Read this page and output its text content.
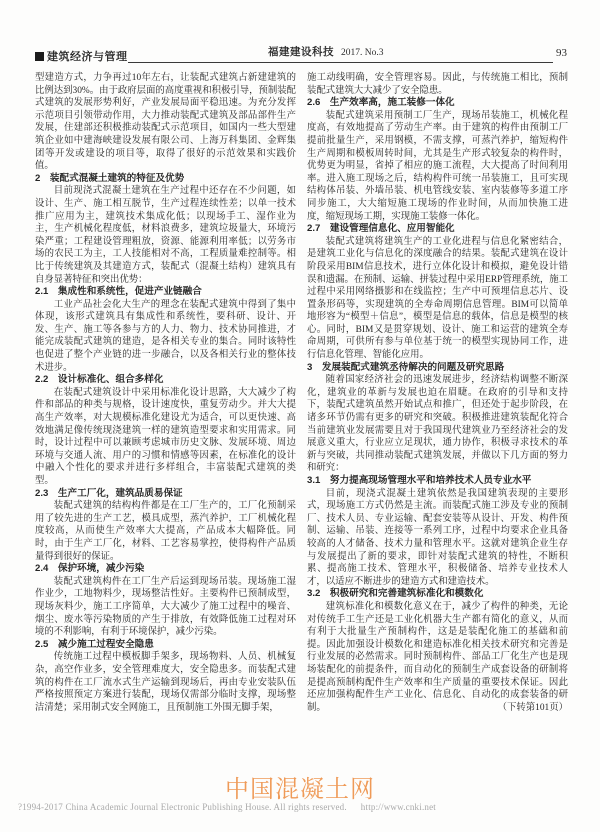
建筑经济与管理	福建建设科技 2017. No.3	93
型建造方式，力争再过10年左右，让装配式建筑占新建建筑的比例达到30%。由于政府层面的高度重视和积极引导，预制装配式建筑的发展形势利好，产业发展局面平稳迅速。为充分发挥示范项目引领带动作用，大力推动装配式建筑及部品部件生产发展，住建部还积极推动装配式示范项目，如国内一些大型建筑企业如中建海峡建设发展有限公司、上海万科集团、金辉集团等开发或建设的项目等，取得了很好的示范效果和实践价值。
2　装配式混凝土建筑的特征及优势
目前现浇式混凝土建筑在生产过程中还存在不少问题，如设计、生产、施工相互脱节，生产过程连续性差；以单一技术推广应用为主，建筑技术集成化低；以现场手工、湿作业为主，生产机械化程度低，材料浪费多，建筑垃圾量大，环境污染严重；工程建设管理粗放，资源、能源利用率低；以劳务市场的农民工为主，工人技能相对不高，工程质量难控制等。相比于传统建筑及其建造方式，装配式（混凝土结构）建筑具有自身显著特征和突出优势：
2.1　集成性和系统性，促进产业链融合
工业产品社会化大生产的理念在装配式建筑中得到了集中体现，该形式建筑具有集成性和系统性，要科研、设计、开发、生产、施工等各参与方的人力、物力、技术协同推进，才能完成装配式建筑的建造，是各相关专业的集合。同时该特性也促进了整个产业链的进一步融合，以及各相关行业的整体技术进步。
2.2　设计标准化、组合多样化
在装配式建筑设计中采用标准化设计思路，大大减少了构件和部品的种类与规格，设计速度快，重复劳动少。并大大提高生产效率，对大规模标准化建设尤为适合，可以更快速、高效地满足像传统现浇建筑一样的建筑造型要求和实用需求。同时，设计过程中可以兼顾考虑城市历史文脉、发展环境、周边环境与交通人流、用户的习惯和情感等因素，在标准化的设计中融入个性化的要求并进行多样组合，丰富装配式建筑的类型。
2.3　生产工厂化，建筑品质易保证
装配式建筑的结构构件都是在工厂生产的，工厂化预制采用了较先进的生产工艺，模具成型，蒸汽养护，工厂机械化程度较高，从而使生产效率大大提高，产品成本大幅降低。同时，由于生产工厂化，材料、工艺容易掌控，使得构件产品质量得到很好的保证。
2.4　保护环境，减少污染
装配式建筑构件在工厂生产后运到现场吊装。现场施工湿作业少，工地物料少，现场整洁性好。主要构件已预制成型，现场灰料少，施工工序简单，大大减少了施工过程中的噪音、烟尘、废水等污染物质的产生于排放，有效降低施工过程对环境的不利影响，有利于环境保护，减少污染。
2.5　减少施工过程安全隐患
传统施工过程中模板脚手架多，现场物料、人员、机械复杂，高空作业多，安全管理难度大，安全隐患多。而装配式建筑的构件在工厂流水式生产运输到现场后，再由专业安装队伍严格按照预定方案进行装配，现场仅需部分临时支撑，现场整洁清楚；采用制式安全网施工，且预制施工外围无脚手架，
施工动线明确，安全管理容易。因此，与传统施工相比，预制装配式建筑大大减少了安全隐患。
2.6　生产效率高，施工装修一体化
装配式建筑采用预制工厂生产，现场吊装施工，机械化程度高，有效地提高了劳动生产率。由于建筑的构件由预制工厂提前批量生产，采用钢模，不需支撑，可蒸汽养护，缩短构件生产周期和模板周转时间，尤其是生产形式较复杂的构件时，优势更为明显，省掉了相应的施工流程，大大提高了时间利用率。进入施工现场之后，结构构件可统一吊装施工，且可实现结构体吊装、外墙吊装、机电管线安装、室内装修等多道工序同步施工，大大缩短施工现场的作业时间，从而加快施工进度，缩短现场工期，实现施工装修一体化。
2.7　建设管理信息化、应用智能化
装配式建筑将建筑生产的工业化进程与信息化紧密结合，是建筑工业化与信息化的深度融合的结果。装配式建筑在设计阶段采用BIM信息技术，进行立体化设计和模拟，避免设计错误和遗漏。在预制、运输、拼装过程中采用ERP管理系统，施工过程中采用网络摄影和在线监控；生产中可预埋信息芯片、设置条形码等，实现建筑的全寿命周期信息管理。BIM可以简单地形容为“模型＋信息”，模型是信息的载体，信息是模型的核心。同时，BIM又是贯穿规划、设计、施工和运营的建筑全寿命周期，可供所有参与单位基于统一的模型实现协同工作，进行信息化管理、智能化应用。
3　发展装配式建筑丞待解决的问题及研究思路
随着国家经济社会的迅速发展进步，经济结构调整不断深化，建筑业的革新与发展也迫在眉睫。在政府的引导和支持下，装配式建筑虽然开始试点和推广，但还处于起步阶段，在诸多环节仍需有更多的研究和突破。积极推进建筑装配化符合当前建筑业发展需要且对于我国现代建筑业乃至经济社会的发展意义重大，行业应立足现状，通力协作，积极寻求技术的革新与突破，共同推动装配式建筑发展，并做以下几方面的努力和研究：
3.1　努力提高现场管理水平和培养技术人员专业水平
目前，现浇式混凝土建筑依然是我国建筑表现的主要形式，现场施工方式仍然是主流。而装配式施工涉及专业的预制厂、技术人员、专业运输、配套安装等从设计、开发、构件预制、运输、吊装、连接等一系列工序，过程中均要求企业具备较高的人才储备、技术力量和管理水平。这就对建筑企业生存与发展提出了新的要求，即针对装配式建筑的特性，不断积累、提高施工技术、管理水平，积极储备、培养专业技术人才，以适应不断进步的建造方式和建造技术。
3.2　积极研究和完善建筑标准化和模数化
建筑标准化和模数化意义在于，减少了构件的种类，无论对传统手工生产还是工业化机器大生产都有简化的意义，从而有利于大批量生产预制构件，这是是装配化施工的基础和前提。因此加强设计模数化和建造标准化相关技术研究和完善是行业发展的必然需求。同时预制构件、部品工厂化生产也是现场装配化的前提条件，而自动化的预制生产成套设备的研制将是提高预制构配件生产效率和生产质量的重要技术保证。因此还应加强构配件生产工业化、信息化、自动化的成套装备的研制。	（下转第101页）
中国混凝土网
?1994-2017 China Academic Journal Electronic Publishing House. All rights reserved. http://www.cnki.net
